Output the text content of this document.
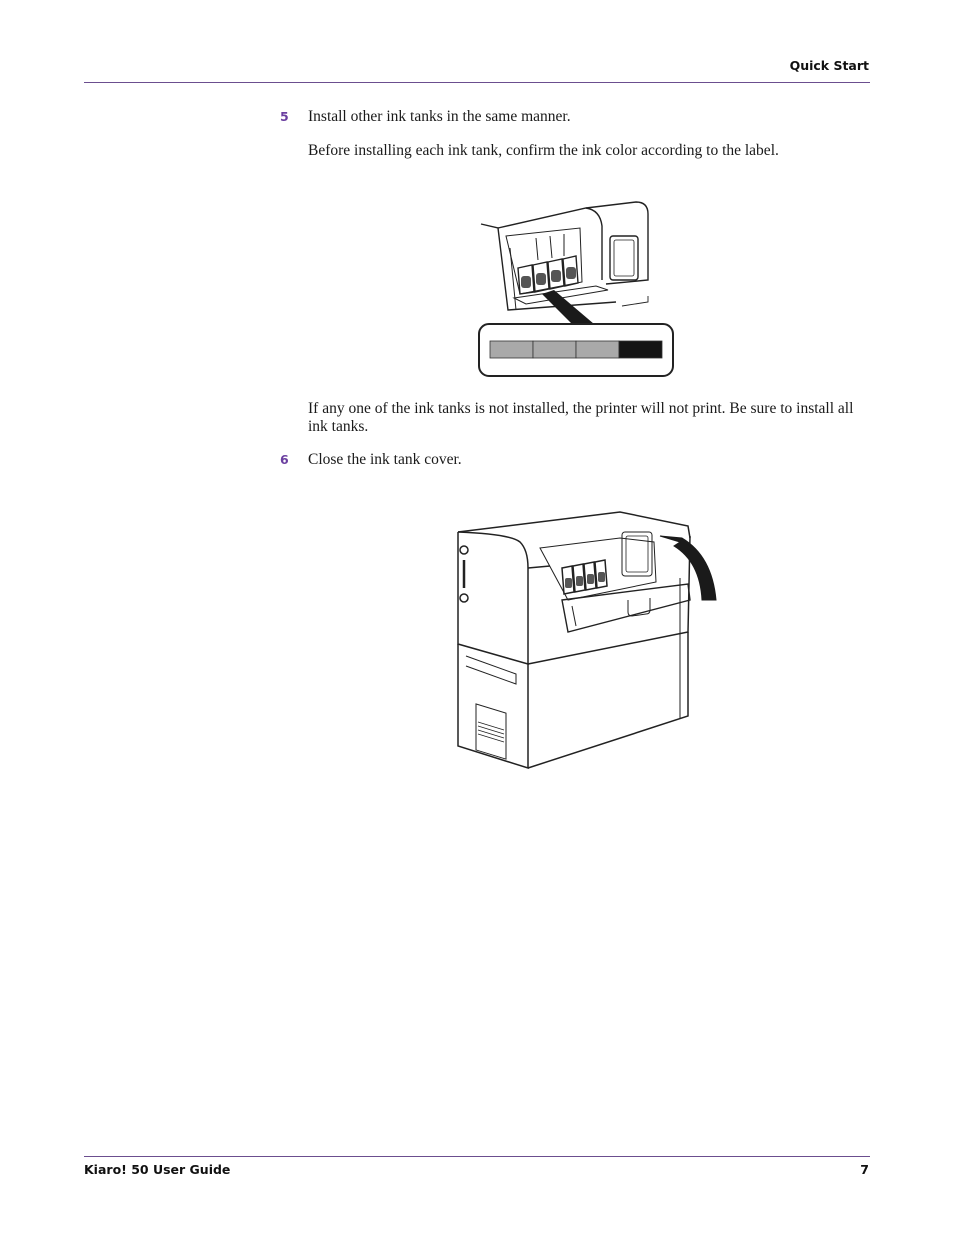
Quick Start
5 Install other ink tanks in the same manner.
Before installing each ink tank, confirm the ink color according to the label.
If any one of the ink tanks is not installed, the printer will not print. Be sure to install all ink tanks.
6 Close the ink tank cover.
Kiaro! 50 User Guide	7
